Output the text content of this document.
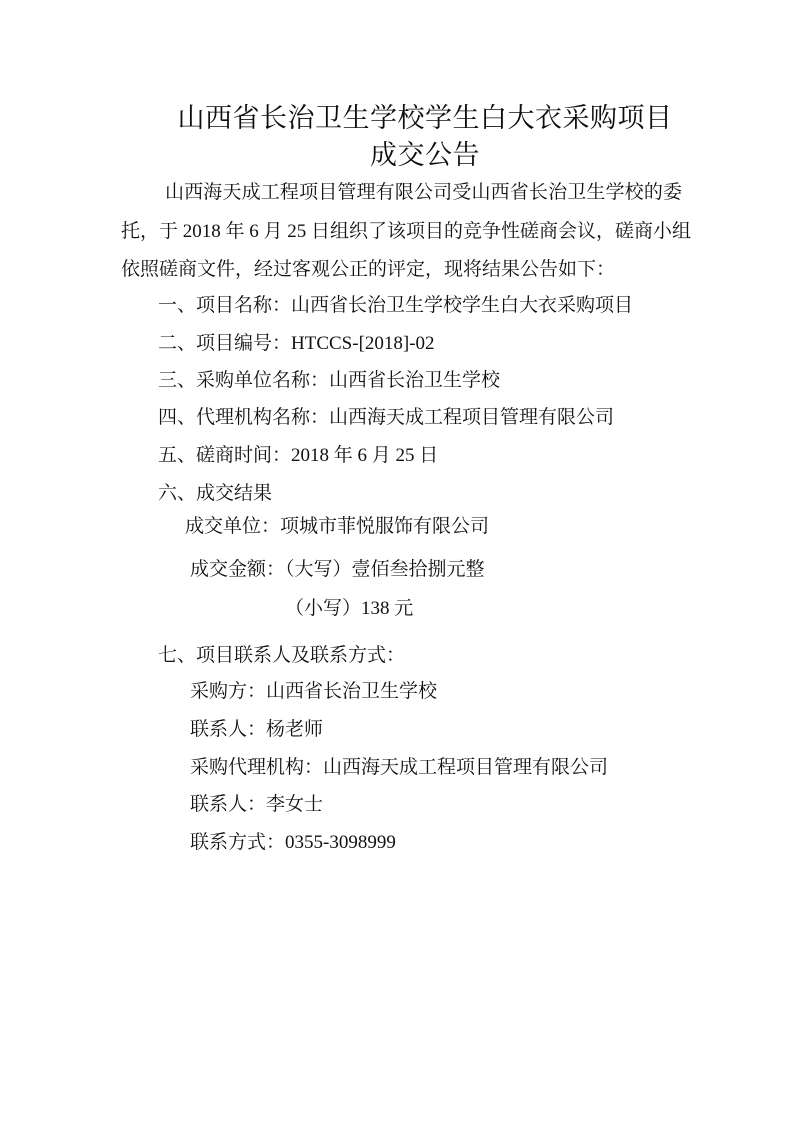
山西省长治卫生学校学生白大衣采购项目
成交公告
山西海天成工程项目管理有限公司受山西省长治卫生学校的委
托，于 2018 年 6 月 25 日组织了该项目的竞争性磋商会议，磋商小组
依照磋商文件，经过客观公正的评定，现将结果公告如下：
一、项目名称：山西省长治卫生学校学生白大衣采购项目
二、项目编号：HTCCS-[2018]-02
三、采购单位名称：山西省长治卫生学校
四、代理机构名称：山西海天成工程项目管理有限公司
五、磋商时间：2018 年 6 月 25 日
六、成交结果
成交单位：项城市菲悦服饰有限公司
成交金额：（大写）壹佰叁拾捌元整
（小写）138 元
七、项目联系人及联系方式：
采购方：山西省长治卫生学校
联系人：杨老师
采购代理机构：山西海天成工程项目管理有限公司
联系人：李女士
联系方式：0355-3098999
